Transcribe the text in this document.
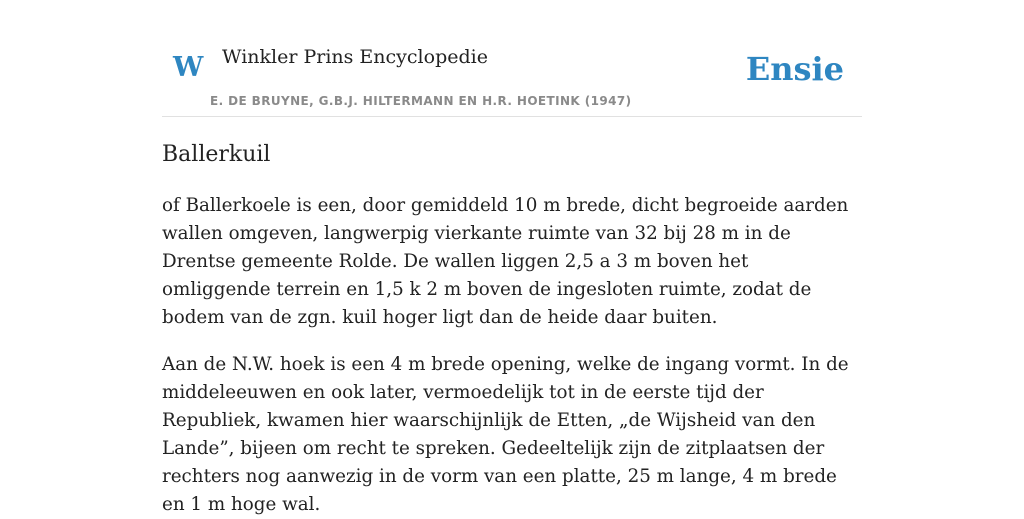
W Winkler Prins Encyclopedie
E. DE BRUYNE, G.B.J. HILTERMANN EN H.R. HOETINK (1947)
Ensie
Ballerkuil

of Ballerkoele is een, door gemiddeld 10 m brede, dicht begroeide aarden wallen omgeven, langwerpig vierkante ruimte van 32 bij 28 m in de Drentse gemeente Rolde. De wallen liggen 2,5 a 3 m boven het omliggende terrein en 1,5 k 2 m boven de ingesloten ruimte, zodat de bodem van de zgn. kuil hoger ligt dan de heide daar buiten.

Aan de N.W. hoek is een 4 m brede opening, welke de ingang vormt. In de middeleeuwen en ook later, vermoedelijk tot in de eerste tijd der Republiek, kwamen hier waarschijnlijk de Etten, „de Wijsheid van den Lande”, bijeen om recht te spreken. Gedeeltelijk zijn de zitplaatsen der rechters nog aanwezig in de vorm van een platte, 25 m lange, 4 m brede en 1 m hoge wal.
